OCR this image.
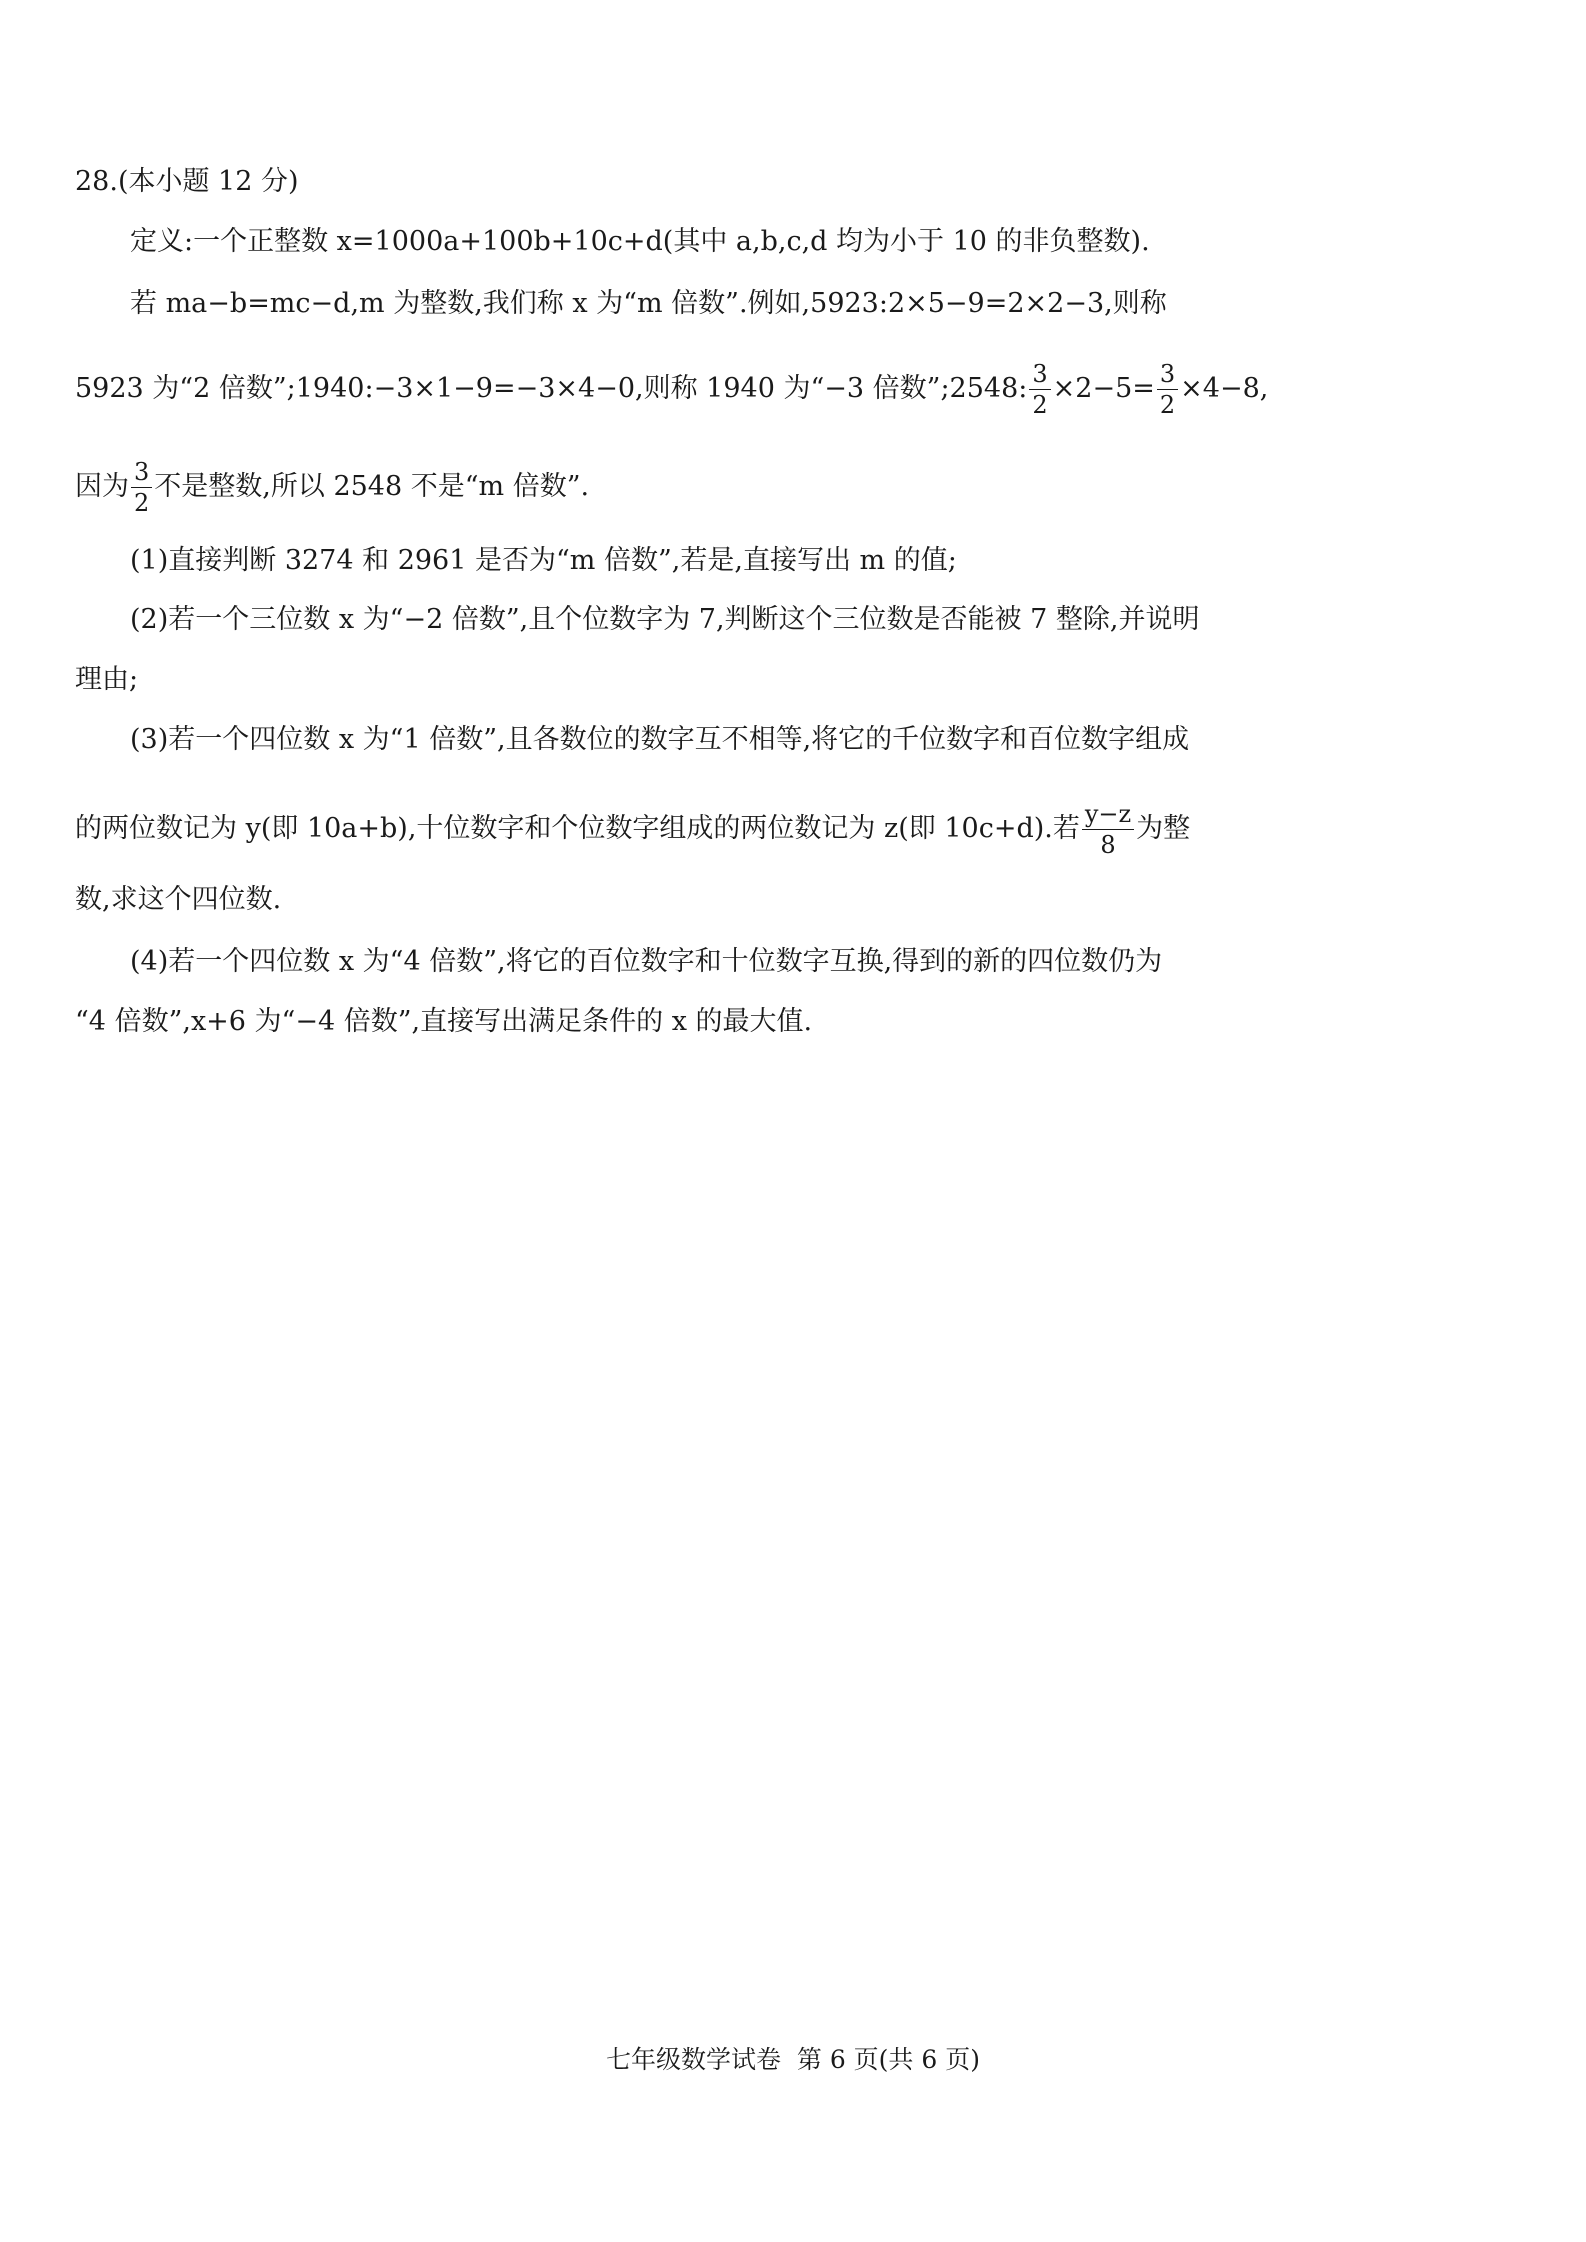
28.(本小题 12 分)
定义:一个正整数 x=1000a+100b+10c+d(其中 a,b,c,d 均为小于 10 的非负整数).
若 ma−b=mc−d,m 为整数,我们称 x 为“m 倍数”.例如,5923:2×5−9=2×2−3,则称
5923 为“2 倍数”;1940:−3×1−9=−3×4−0,则称 1940 为“−3 倍数”;2548: $\frac{3}{2} \times 2-5= \frac{3}{2} \times 4-8$,
因为 $\frac{3}{2}$ 不是整数,所以 2548 不是“m 倍数”.
(1)直接判断 3274 和 2961 是否为“m 倍数”,若是,直接写出 m 的值;
(2)若一个三位数 x 为“−2 倍数”,且个位数字为 7,判断这个三位数是否能被 7 整除,并说明
理由;
(3)若一个四位数 x 为“1 倍数”,且各数位的数字互不相等,将它的千位数字和百位数字组成
的两位数记为 y(即 10a+b),十位数字和个位数字组成的两位数记为 z(即 10c+d).若 $\frac{y-z}{8}$ 为整
数,求这个四位数.
(4)若一个四位数 x 为“4 倍数”,将它的百位数字和十位数字互换,得到的新的四位数仍为
“4 倍数”,x+6 为“−4 倍数”,直接写出满足条件的 x 的最大值.
七年级数学试卷  第 6 页(共 6 页)
